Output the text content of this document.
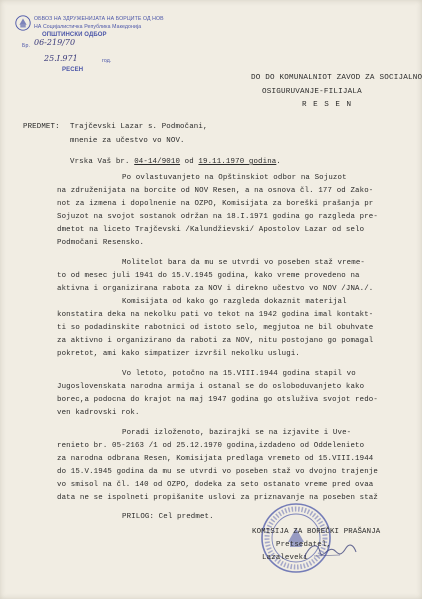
ОБВОЗ НА ЗДРУЖЕНИЈАТА НА БОРЦИТЕ ОД НОВ
НА Социјалистичка Република Македонија
ОПШТИНСКИ ОДБОР
Бр. 06-219/70
25.I.971	год.
РЕСЕН
DO DO KOMUNALNIOT ZAVOD ZA SOCIJALNO
OSIGURUVANJE-FILIJALA
R E S E N
PREDMET: Trajčevski Lazar s. Podmočani,
mnenie za učestvo vo NOV.
Vrska Vaš br. 04-14/9010 od 19.11.1970 godina.
Po ovlastuvanjeto na Opštinskiot odbor na Sojuzot
na združenijata na borcite od NOV Resen, a na osnova čl. 177 od Zako-
not za izmena i dopolnenie na OZPO, Komisijata za boreški prašanja pr
Sojuzot na svojot sostanok održan na 18.I.1971 godina go razgleda pre-
dmetot na liceto Trajčevski /Kalundžievski/ Apostolov Lazar od selo
Podmočani Resensko.
Molitelot bara da mu se utvrdi vo poseben staž vreme-
to od mesec juli 1941 do 15.V.1945 godina, kako vreme provedeno na
aktivna i organizirana rabota za NOV i direkno učestvo vo NOV /JNA./.
Komisijata od kako go razgleda dokaznit materijal
konstatira deka na nekolku pati vo tekot na 1942 godina imal kontakt-
ti so podadinskite rabotnici od istoto selo, megjutoa ne bil obuhvate
za aktivno i organizirano da raboti za NOV, nitu postojano go pomagal
pokretot, ami kako simpatizer izvršil nekolku uslugi.
Vo letoto, potočno na 15.VIII.1944 godina stapil vo
Jugoslovenskata narodna armija i ostanal se do osloboduvanjeto kako
borec,a podocna do krajot na maj 1947 godina go otsluživa svojot redo-
ven kadrovski rok.
Poradi izloženoto, bazirajki se na izjavite i Uve-
renieto br. 05-2163 /1 od 25.12.1970 godina,izdadeno od Oddelenieto
za narodna odbrana Resen, Komisijata predlaga vremeto od 15.VIII.1944
do 15.V.1945 godina da mu se utvrdi vo poseben staž vo dvojno trajenje
vo smisol na čl. 140 od OZPO, dodeka za seto ostanato vreme pred ovaa
data ne se ispolneti propišanite uslovi za priznavanje na poseben staž
PRILOG: Cel predmet.
KOMISIJA ZA BOREČKI PRAŠANJA
Pretsedatel,
Lazaleveki
